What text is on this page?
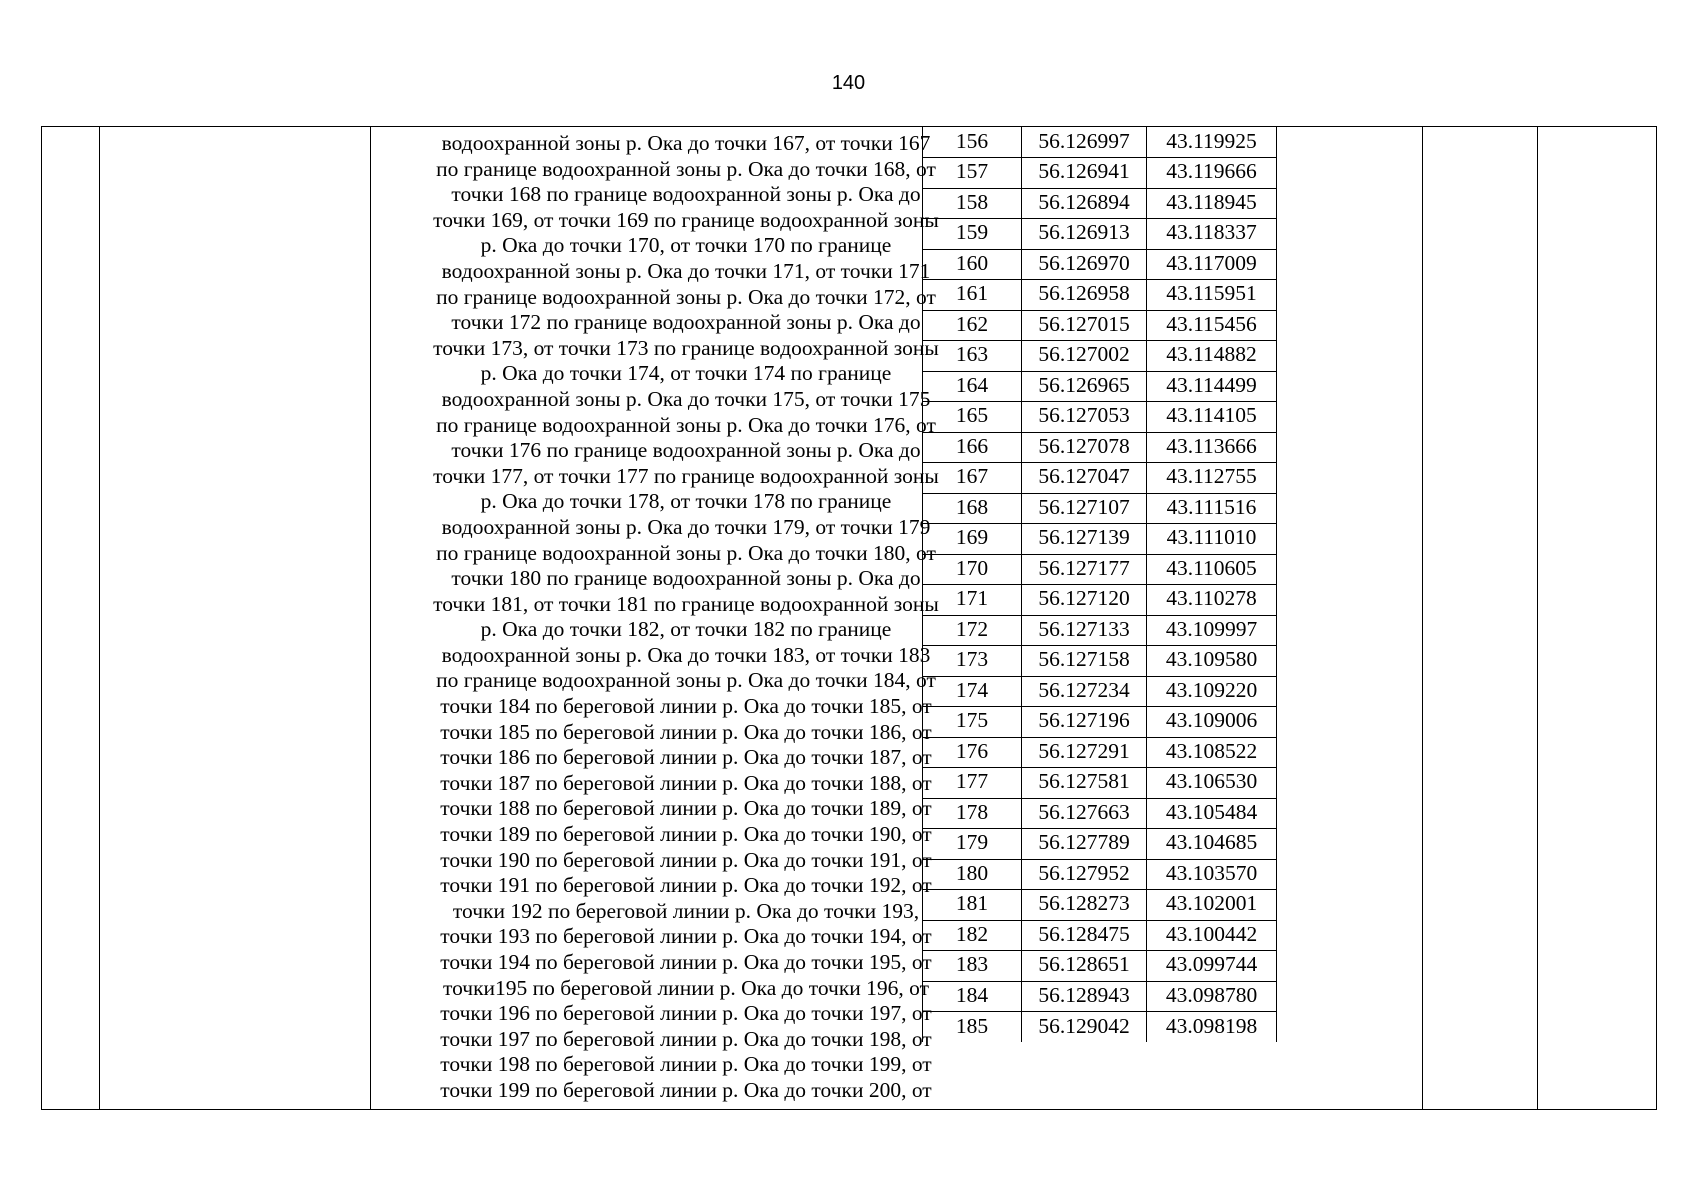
140
водоохранной зоны р. Ока до точки 167, от точки 167
по границе водоохранной зоны р. Ока до точки 168, от
точки 168 по границе водоохранной зоны р. Ока до
точки 169, от точки 169 по границе водоохранной зоны
р. Ока до точки 170, от точки 170 по границе
водоохранной зоны р. Ока до точки 171, от точки 171
по границе водоохранной зоны р. Ока до точки 172, от
точки 172 по границе водоохранной зоны р. Ока до
точки 173, от точки 173 по границе водоохранной зоны
р. Ока до точки 174, от точки 174 по границе
водоохранной зоны р. Ока до точки 175, от точки 175
по границе водоохранной зоны р. Ока до точки 176, от
точки 176 по границе водоохранной зоны р. Ока до
точки 177, от точки 177 по границе водоохранной зоны
р. Ока до точки 178, от точки 178 по границе
водоохранной зоны р. Ока до точки 179, от точки 179
по границе водоохранной зоны р. Ока до точки 180, от
точки 180 по границе водоохранной зоны р. Ока до
точки 181, от точки 181 по границе водоохранной зоны
р. Ока до точки 182, от точки 182 по границе
водоохранной зоны р. Ока до точки 183, от точки 183
по границе водоохранной зоны р. Ока до точки 184, от
точки 184 по береговой линии р. Ока до точки 185, от
точки 185 по береговой линии р. Ока до точки 186, от
точки 186 по береговой линии р. Ока до точки 187, от
точки 187 по береговой линии р. Ока до точки 188, от
точки 188 по береговой линии р. Ока до точки 189, от
точки 189 по береговой линии р. Ока до точки 190, от
точки 190 по береговой линии р. Ока до точки 191, от
точки 191 по береговой линии р. Ока до точки 192, от
точки 192 по береговой линии р. Ока до точки 193,
точки 193 по береговой линии р. Ока до точки 194, от
точки 194 по береговой линии р. Ока до точки 195, от
точки195 по береговой линии р. Ока до точки 196, от
точки 196 по береговой линии р. Ока до точки 197, от
точки 197 по береговой линии р. Ока до точки 198, от
точки 198 по береговой линии р. Ока до точки 199, от
точки 199 по береговой линии р. Ока до точки 200, от
156	56.126997	43.119925	
157	56.126941	43.119666	
158	56.126894	43.118945	
159	56.126913	43.118337	
160	56.126970	43.117009	
161	56.126958	43.115951	
162	56.127015	43.115456	
163	56.127002	43.114882	
164	56.126965	43.114499	
165	56.127053	43.114105	
166	56.127078	43.113666	
167	56.127047	43.112755	
168	56.127107	43.111516	
169	56.127139	43.111010	
170	56.127177	43.110605	
171	56.127120	43.110278	
172	56.127133	43.109997	
173	56.127158	43.109580	
174	56.127234	43.109220	
175	56.127196	43.109006	
176	56.127291	43.108522	
177	56.127581	43.106530	
178	56.127663	43.105484	
179	56.127789	43.104685	
180	56.127952	43.103570	
181	56.128273	43.102001	
182	56.128475	43.100442	
183	56.128651	43.099744	
184	56.128943	43.098780	
185	56.129042	43.098198	
